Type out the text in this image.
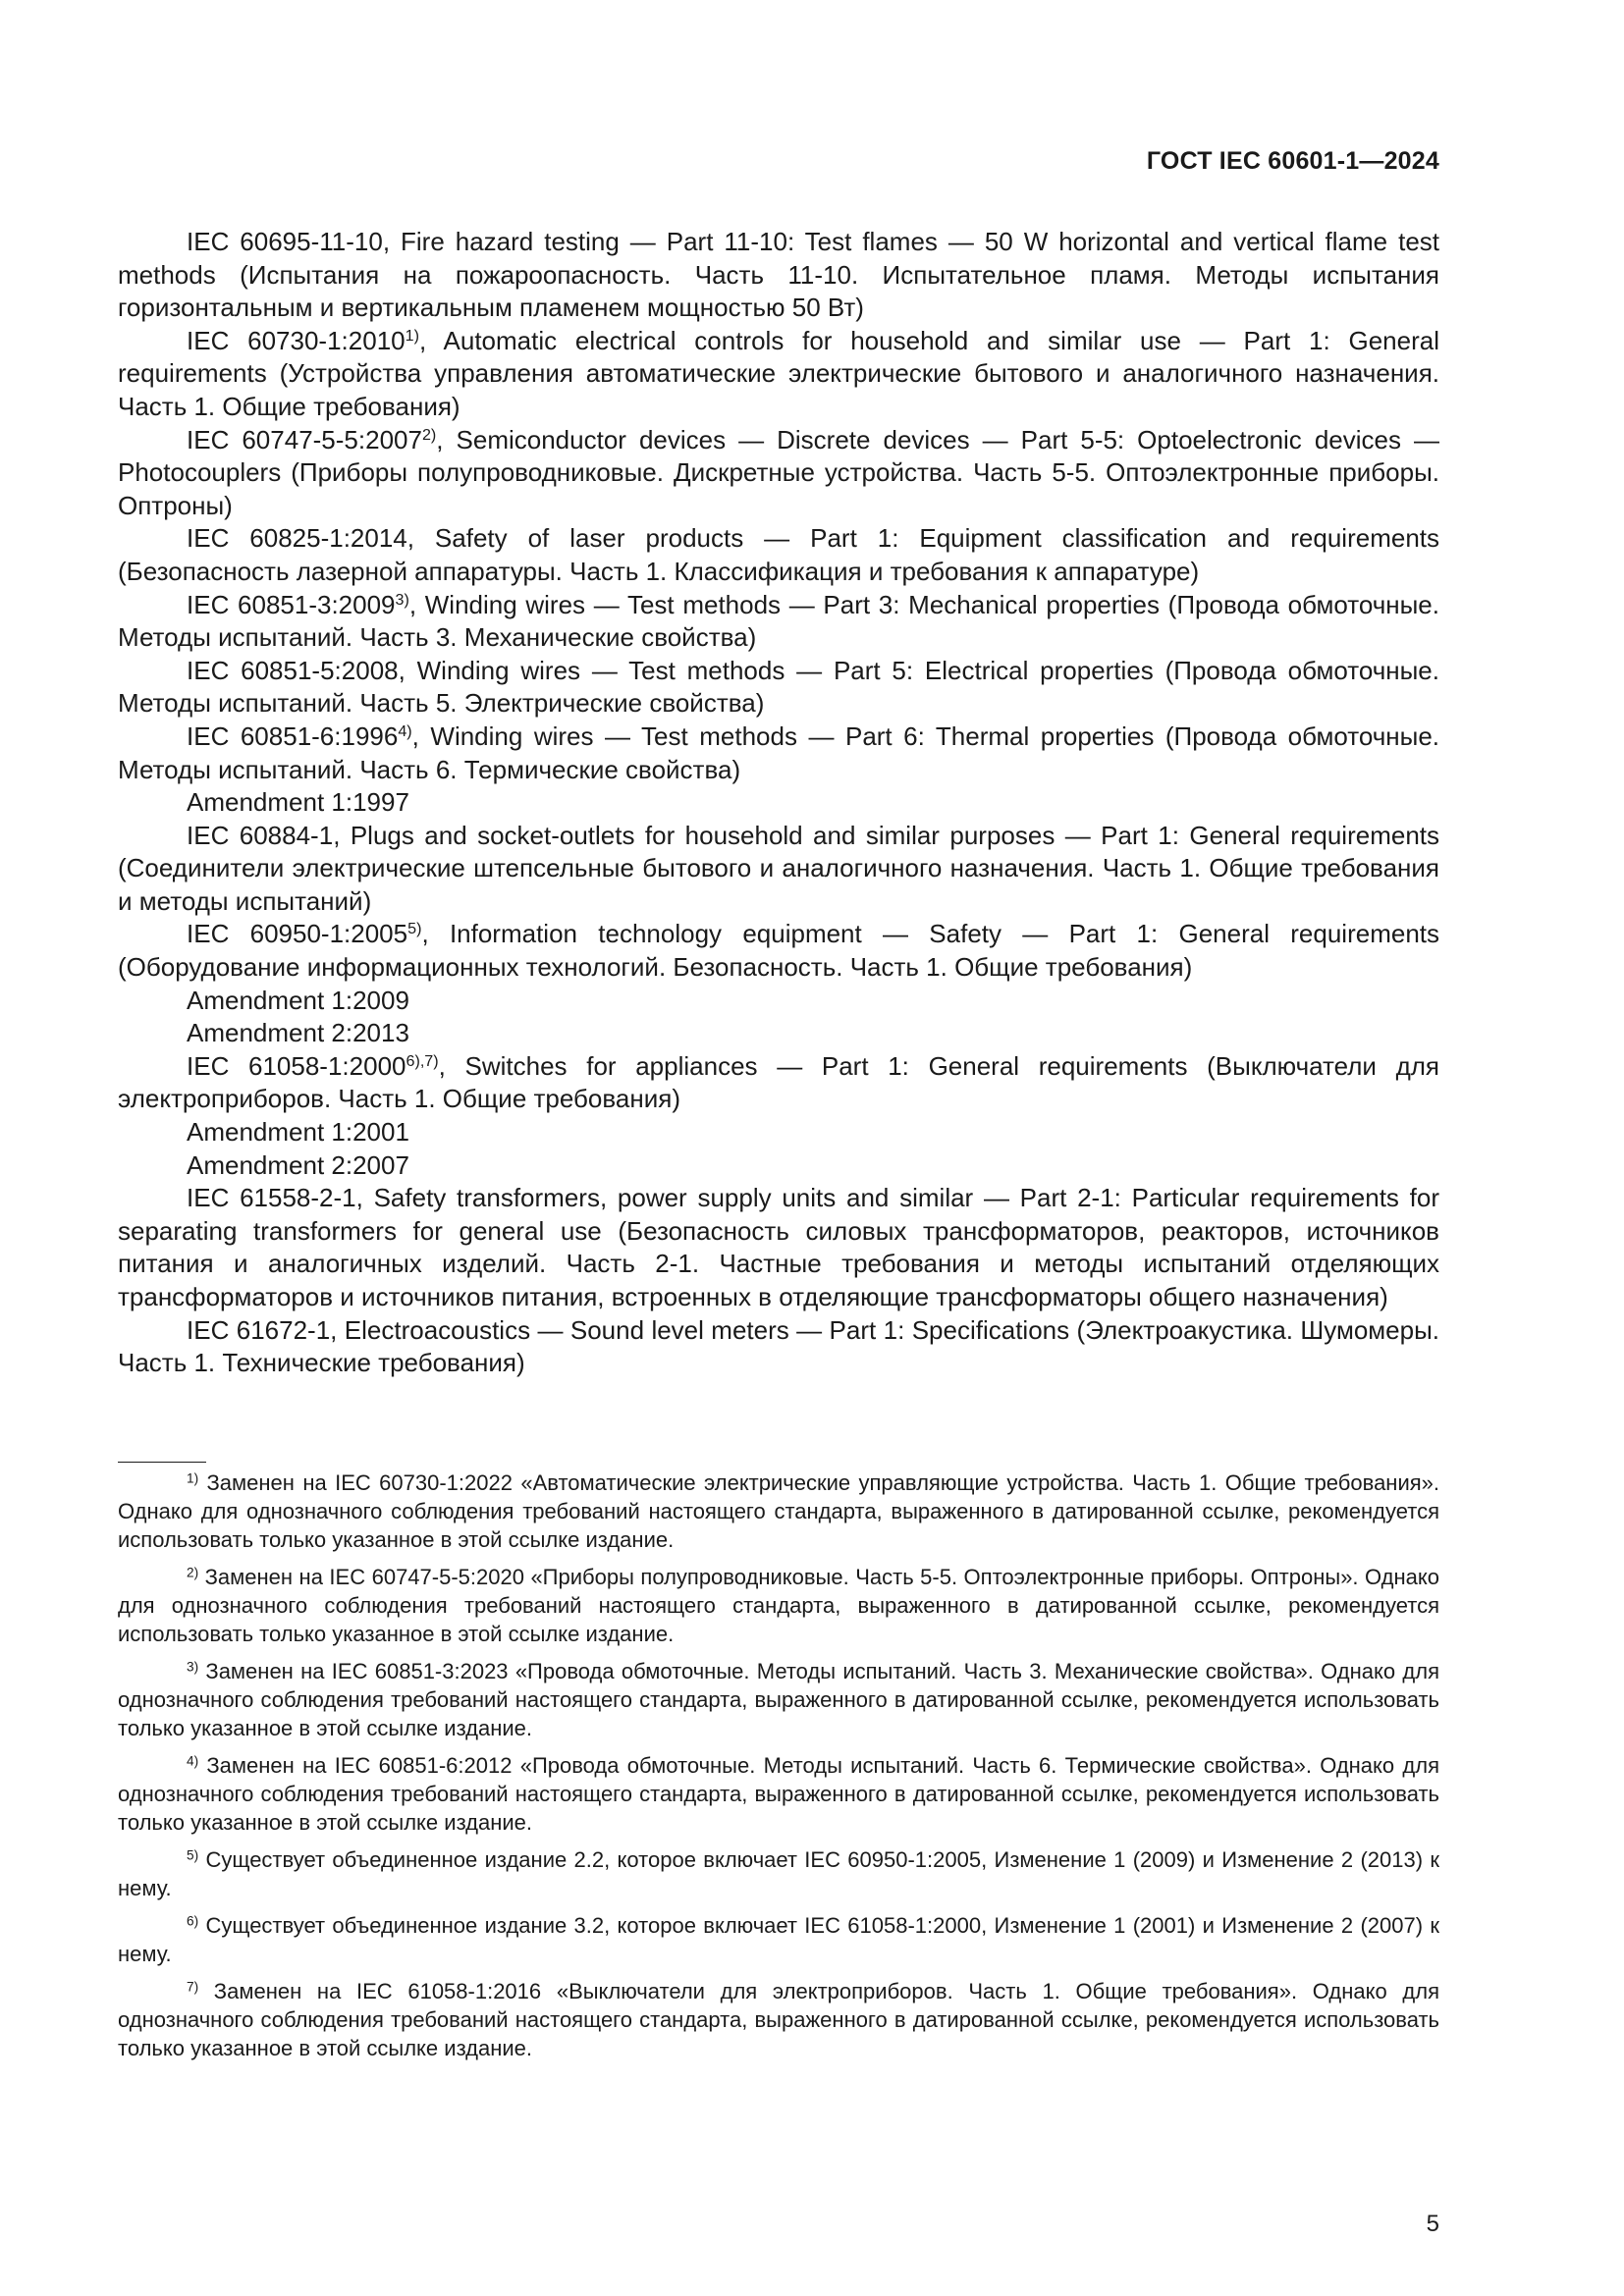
ГОСТ IEC 60601-1—2024

IEC 60695-11-10, Fire hazard testing — Part 11-10: Test flames — 50 W horizontal and vertical flame test methods (Испытания на пожароопасность. Часть 11-10. Испытательное пламя. Методы испытания горизонтальным и вертикальным пламенем мощностью 50 Вт)

IEC 60730-1:2010$^{1)}$, Automatic electrical controls for household and similar use — Part 1: General requirements (Устройства управления автоматические электрические бытового и аналогичного назначения. Часть 1. Общие требования)

IEC 60747-5-5:2007$^{2)}$, Semiconductor devices — Discrete devices — Part 5-5: Optoelectronic devices — Photocouplers (Приборы полупроводниковые. Дискретные устройства. Часть 5-5. Оптоэлектронные приборы. Оптроны)

IEC 60825-1:2014, Safety of laser products — Part 1: Equipment classification and requirements (Безопасность лазерной аппаратуры. Часть 1. Классификация и требования к аппаратуре)

IEC 60851-3:2009$^{3)}$, Winding wires — Test methods — Part 3: Mechanical properties (Провода обмоточные. Методы испытаний. Часть 3. Механические свойства)

IEC 60851-5:2008, Winding wires — Test methods — Part 5: Electrical properties (Провода обмоточные. Методы испытаний. Часть 5. Электрические свойства)

IEC 60851-6:1996$^{4)}$, Winding wires — Test methods — Part 6: Thermal properties (Провода обмоточные. Методы испытаний. Часть 6. Термические свойства)

Amendment 1:1997

IEC 60884-1, Plugs and socket-outlets for household and similar purposes — Part 1: General requirements (Соединители электрические штепсельные бытового и аналогичного назначения. Часть 1. Общие требования и методы испытаний)

IEC 60950-1:2005$^{5)}$, Information technology equipment — Safety — Part 1: General requirements (Оборудование информационных технологий. Безопасность. Часть 1. Общие требования)

Amendment 1:2009

Amendment 2:2013

IEC $61058-1:2000^{6),7)}$, Switches for appliances — Part 1: General requirements (Выключатели для электроприборов. Часть 1. Общие требования)

Amendment 1:2001

Amendment 2:2007

IEC 61558-2-1, Safety transformers, power supply units and similar — Part 2-1: Particular requirements for separating transformers for general use (Безопасность силовых трансформаторов, реакторов, источников питания и аналогичных изделий. Часть 2-1. Частные требования и методы испытаний отделяющих трансформаторов и источников питания, встроенных в отделяющие трансформаторы общего назначения)

IEC 61672-1, Electroacoustics — Sound level meters — Part 1: Specifications (Электроакустика. Шумомеры. Часть 1. Технические требования)

$^{1)}$ Заменен на IEC 60730-1:2022 «Автоматические электрические управляющие устройства. Часть 1. Общие требования». Однако для однозначного соблюдения требований настоящего стандарта, выраженного в датированной ссылке, рекомендуется использовать только указанное в этой ссылке издание.

$^{2)}$ Заменен на IEC 60747-5-5:2020 «Приборы полупроводниковые. Часть 5-5. Оптоэлектронные приборы. Оптроны». Однако для однозначного соблюдения требований настоящего стандарта, выраженного в датированной ссылке, рекомендуется использовать только указанное в этой ссылке издание.

$^{3)}$ Заменен на IEC 60851-3:2023 «Провода обмоточные. Методы испытаний. Часть 3. Механические свойства». Однако для однозначного соблюдения требований настоящего стандарта, выраженного в датированной ссылке, рекомендуется использовать только указанное в этой ссылке издание.

$^{4)}$ Заменен на IEC 60851-6:2012 «Провода обмоточные. Методы испытаний. Часть 6. Термические свойства». Однако для однозначного соблюдения требований настоящего стандарта, выраженного в датированной ссылке, рекомендуется использовать только указанное в этой ссылке издание.

$^{5)}$ Существует объединенное издание 2.2, которое включает IEC 60950-1:2005, Изменение 1 (2009) и Изменение 2 (2013) к нему.

$^{6)}$ Существует объединенное издание 3.2, которое включает IEC 61058-1:2000, Изменение 1 (2001) и Изменение 2 (2007) к нему.

$^{7)}$ Заменен на IEC 61058-1:2016 «Выключатели для электроприборов. Часть 1. Общие требования». Однако для однозначного соблюдения требований настоящего стандарта, выраженного в датированной ссылке, рекомендуется использовать только указанное в этой ссылке издание.

5
